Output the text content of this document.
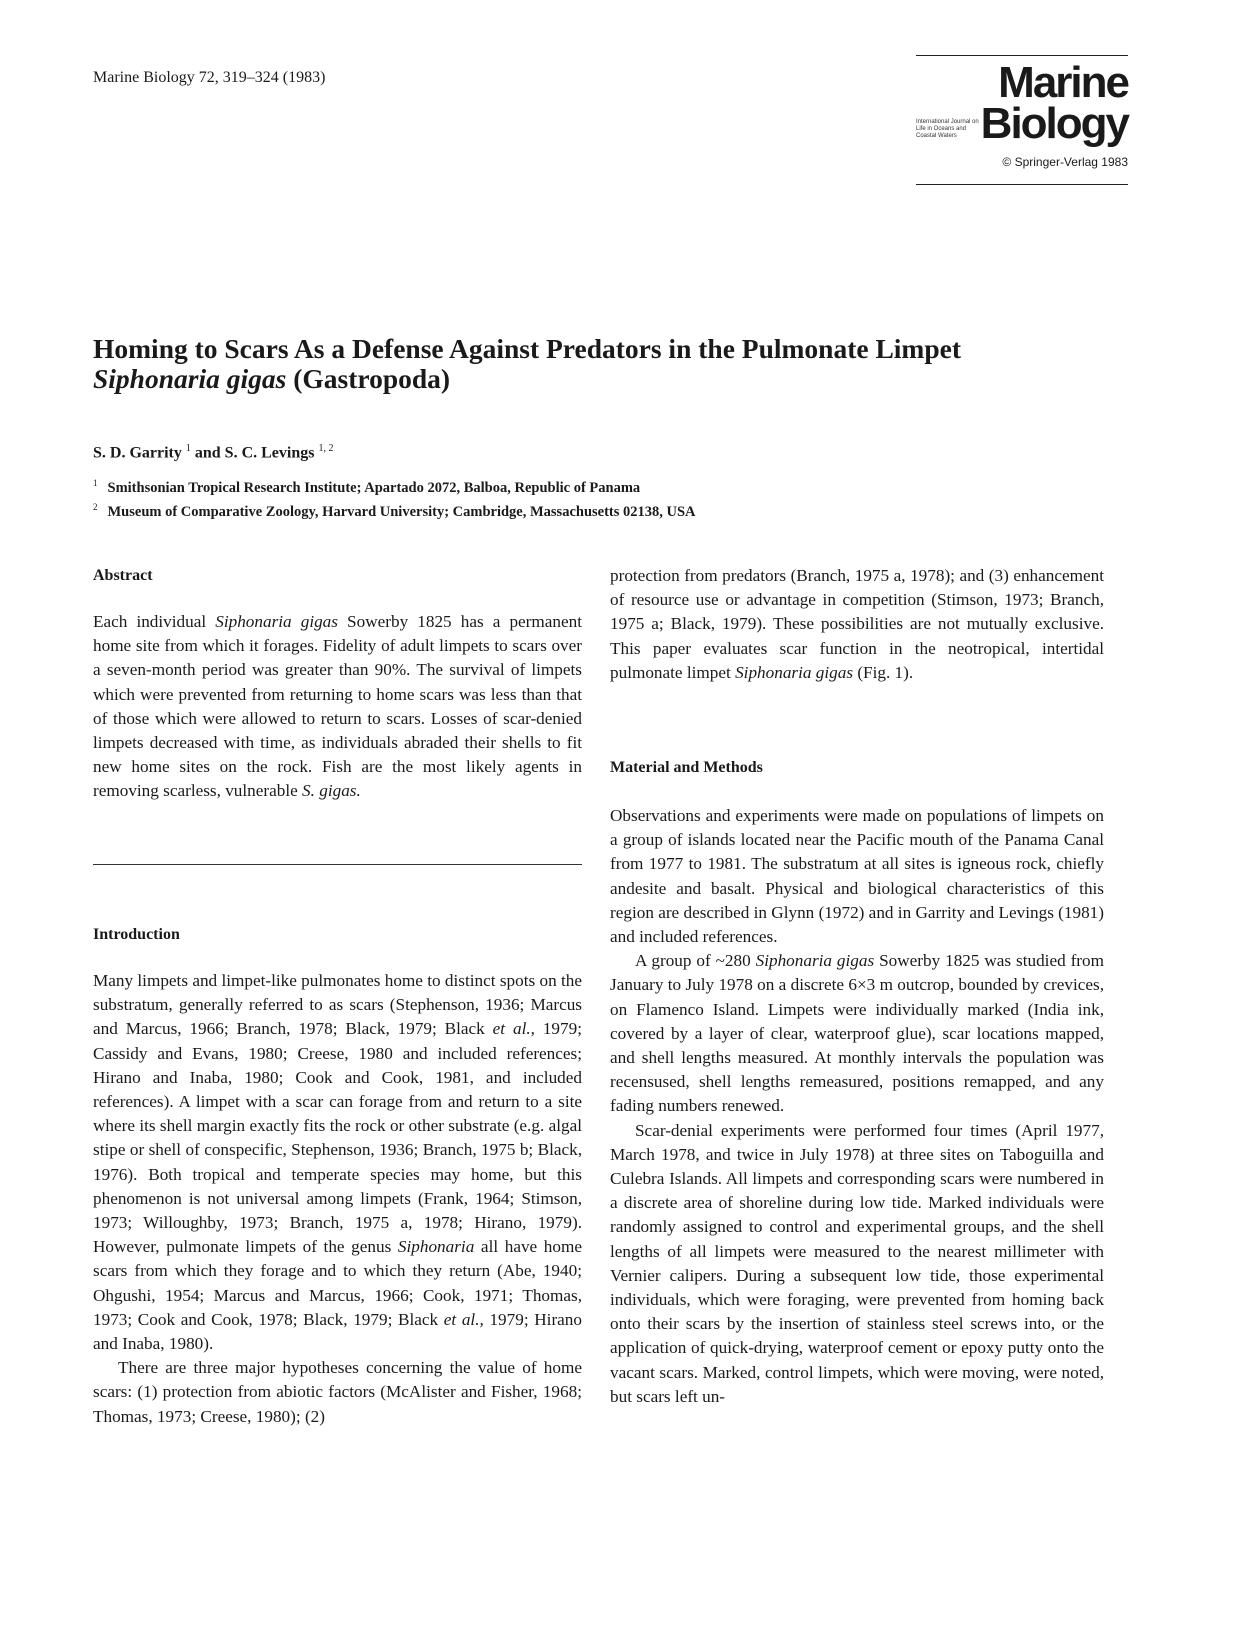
Marine Biology 72, 319–324 (1983)	Marine
International Journal on Life in Oceans and Coastal Waters Biology
© Springer-Verlag 1983
Homing to Scars As a Defense Against Predators in the Pulmonate Limpet
Siphonaria gigas (Gastropoda)
S. D. Garrity $^1$ and S. C. Levings $^{1, 2}$
$^1$ Smithsonian Tropical Research Institute; Apartado 2072, Balboa, Republic of Panama
$^2$ Museum of Comparative Zoology, Harvard University; Cambridge, Massachusetts 02138, USA
Abstract

Each individual Siphonaria gigas Sowerby 1825 has a permanent home site from which it forages. Fidelity of adult limpets to scars over a seven-month period was greater than 90%. The survival of limpets which were prevented from returning to home scars was less than that of those which were allowed to return to scars. Losses of scar-denied limpets decreased with time, as individuals abraded their shells to fit new home sites on the rock. Fish are the most likely agents in removing scarless, vulnerable S. gigas.

Introduction

Many limpets and limpet-like pulmonates home to distinct spots on the substratum, generally referred to as scars (Stephenson, 1936; Marcus and Marcus, 1966; Branch, 1978; Black, 1979; Black et al., 1979; Cassidy and Evans, 1980; Creese, 1980 and included references; Hirano and Inaba, 1980; Cook and Cook, 1981, and included references). A limpet with a scar can forage from and return to a site where its shell margin exactly fits the rock or other substrate (e.g. algal stipe or shell of conspecific, Stephenson, 1936; Branch, 1975 b; Black, 1976). Both tropical and temperate species may home, but this phenomenon is not universal among limpets (Frank, 1964; Stimson, 1973; Willoughby, 1973; Branch, 1975 a, 1978; Hirano, 1979). However, pulmonate limpets of the genus Siphonaria all have home scars from which they forage and to which they return (Abe, 1940; Ohgushi, 1954; Marcus and Marcus, 1966; Cook, 1971; Thomas, 1973; Cook and Cook, 1978; Black, 1979; Black et al., 1979; Hirano and Inaba, 1980).

There are three major hypotheses concerning the value of home scars: (1) protection from abiotic factors (McAlister and Fisher, 1968; Thomas, 1973; Creese, 1980); (2)

protection from predators (Branch, 1975 a, 1978); and (3) enhancement of resource use or advantage in competition (Stimson, 1973; Branch, 1975 a; Black, 1979). These possibilities are not mutually exclusive. This paper evaluates scar function in the neotropical, intertidal pulmonate limpet Siphonaria gigas (Fig. 1).

Material and Methods

Observations and experiments were made on populations of limpets on a group of islands located near the Pacific mouth of the Panama Canal from 1977 to 1981. The substratum at all sites is igneous rock, chiefly andesite and basalt. Physical and biological characteristics of this region are described in Glynn (1972) and in Garrity and Levings (1981) and included references.

A group of ~280 Siphonaria gigas Sowerby 1825 was studied from January to July 1978 on a discrete 6×3 m outcrop, bounded by crevices, on Flamenco Island. Limpets were individually marked (India ink, covered by a layer of clear, waterproof glue), scar locations mapped, and shell lengths measured. At monthly intervals the population was recensused, shell lengths remeasured, positions remapped, and any fading numbers renewed.

Scar-denial experiments were performed four times (April 1977, March 1978, and twice in July 1978) at three sites on Taboguilla and Culebra Islands. All limpets and corresponding scars were numbered in a discrete area of shoreline during low tide. Marked individuals were randomly assigned to control and experimental groups, and the shell lengths of all limpets were measured to the nearest millimeter with Vernier calipers. During a subsequent low tide, those experimental individuals, which were foraging, were prevented from homing back onto their scars by the insertion of stainless steel screws into, or the application of quick-drying, waterproof cement or epoxy putty onto the vacant scars. Marked, control limpets, which were moving, were noted, but scars left un-
